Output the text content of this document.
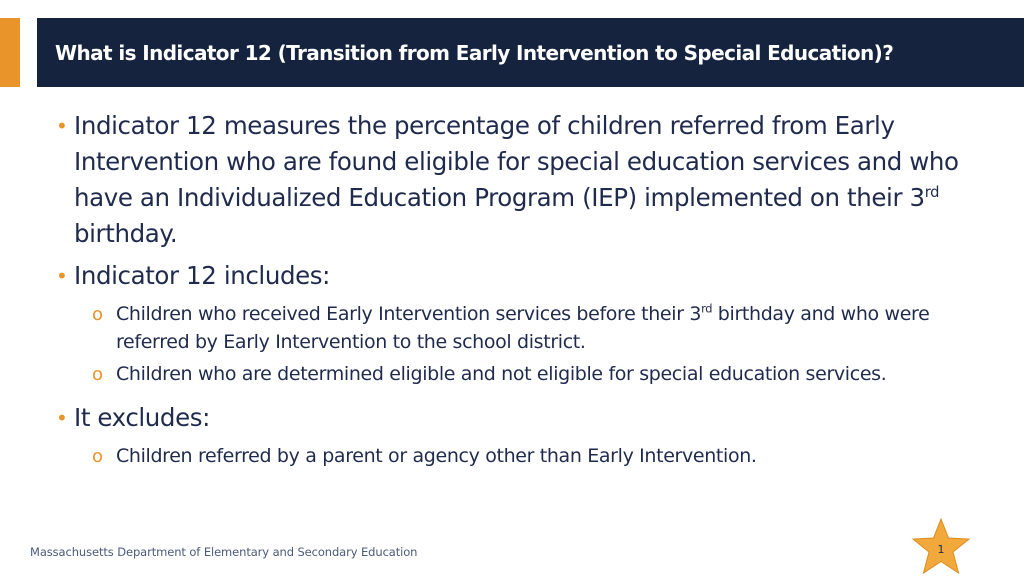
What is Indicator 12 (Transition from Early Intervention to Special Education)?
• Indicator 12 measures the percentage of children referred from Early Intervention who are found eligible for special education services and who have an Individualized Education Program (IEP) implemented on their 3rd birthday.
• Indicator 12 includes:
o Children who received Early Intervention services before their 3rd birthday and who were referred by Early Intervention to the school district.
o Children who are determined eligible and not eligible for special education services.
• It excludes:
o Children referred by a parent or agency other than Early Intervention.
Massachusetts Department of Elementary and Secondary Education	1
